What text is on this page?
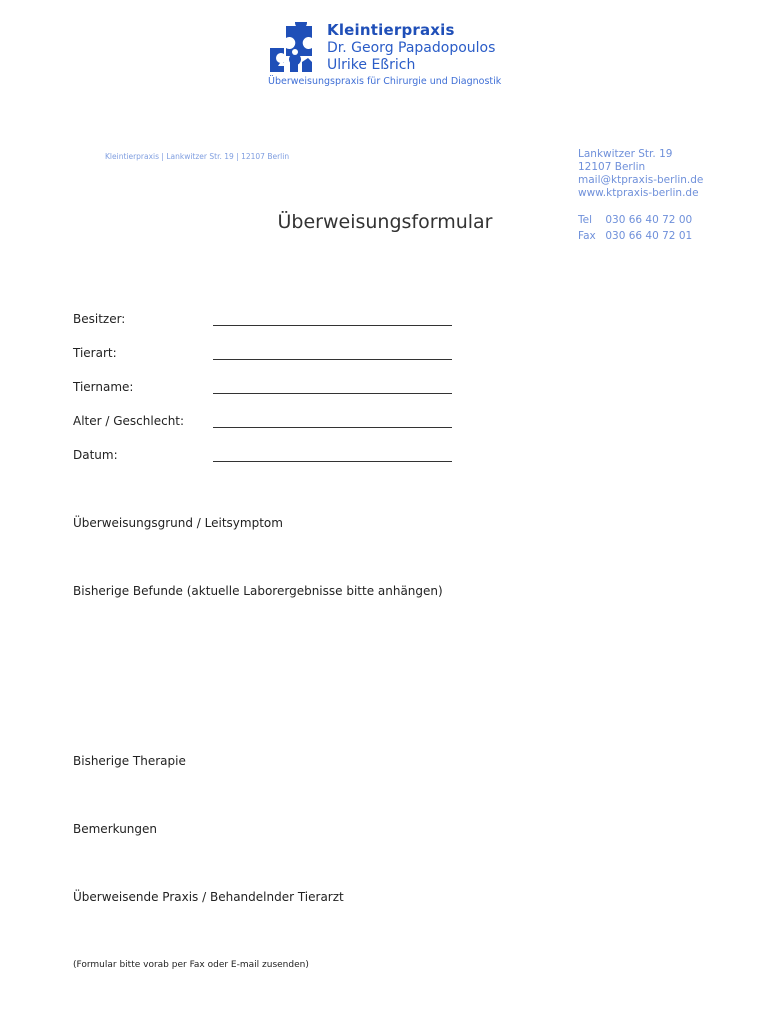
Kleintierpraxis
Dr. Georg Papadopoulos
Ulrike Eßrich
Überweisungspraxis für Chirurgie und Diagnostik
Kleintierpraxis | Lankwitzer Str. 19 | 12107 Berlin	Lankwitzer Str. 19
12107 Berlin
mail@ktpraxis-berlin.de
www.ktpraxis-berlin.de
Tel 030 66 40 72 00
Fax 030 66 40 72 01
Überweisungsformular
Besitzer:
Tierart:
Tiername:
Alter / Geschlecht:
Datum:
Überweisungsgrund / Leitsymptom
Bisherige Befunde (aktuelle Laborergebnisse bitte anhängen)
Bisherige Therapie
Bemerkungen
Überweisende Praxis / Behandelnder Tierarzt
(Formular bitte vorab per Fax oder E-mail zusenden)
